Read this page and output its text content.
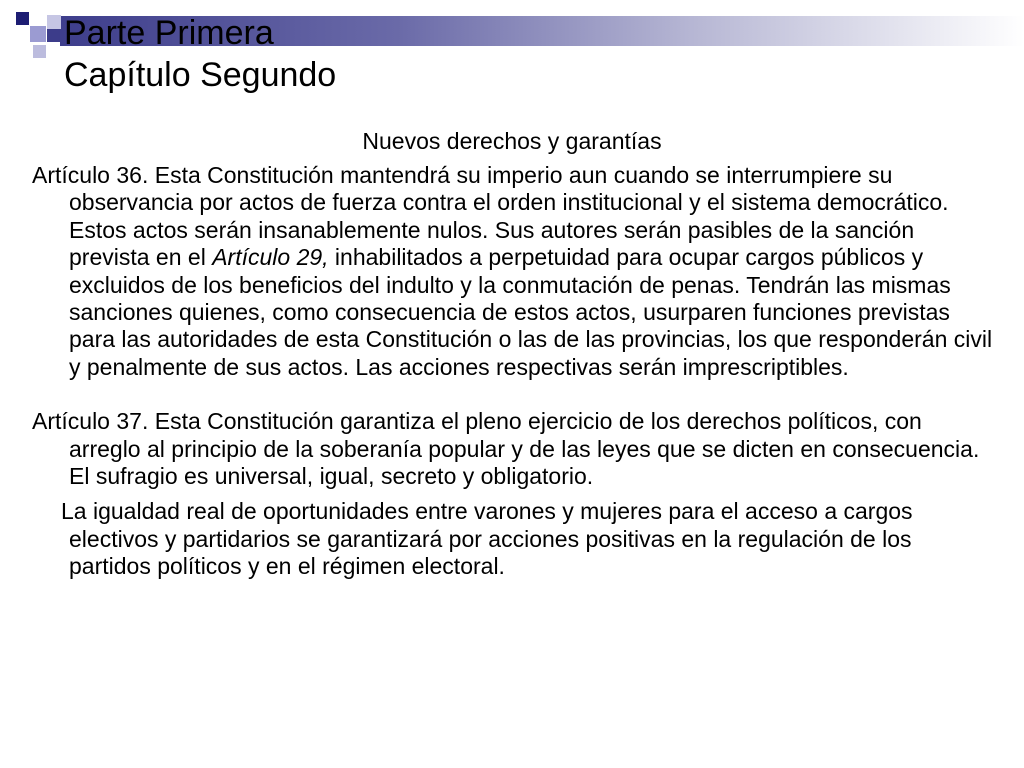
Parte Primera
Capítulo Segundo

Nuevos derechos y garantías

Artículo 36. Esta Constitución mantendrá su imperio aun cuando se interrumpiere su observancia por actos de fuerza contra el orden institucional y el sistema democrático. Estos actos serán insanablemente nulos. Sus autores serán pasibles de la sanción prevista en el Artículo 29, inhabilitados a perpetuidad para ocupar cargos públicos y excluidos de los beneficios del indulto y la conmutación de penas. Tendrán las mismas sanciones quienes, como consecuencia de estos actos, usurparen funciones previstas para las autoridades de esta Constitución o las de las provincias, los que responderán civil y penalmente de sus actos. Las acciones respectivas serán imprescriptibles.

Artículo 37. Esta Constitución garantiza el pleno ejercicio de los derechos políticos, con arreglo al principio de la soberanía popular y de las leyes que se dicten en consecuencia. El sufragio es universal, igual, secreto y obligatorio.

La igualdad real de oportunidades entre varones y mujeres para el acceso a cargos electivos y partidarios se garantizará por acciones positivas en la regulación de los partidos políticos y en el régimen electoral.
